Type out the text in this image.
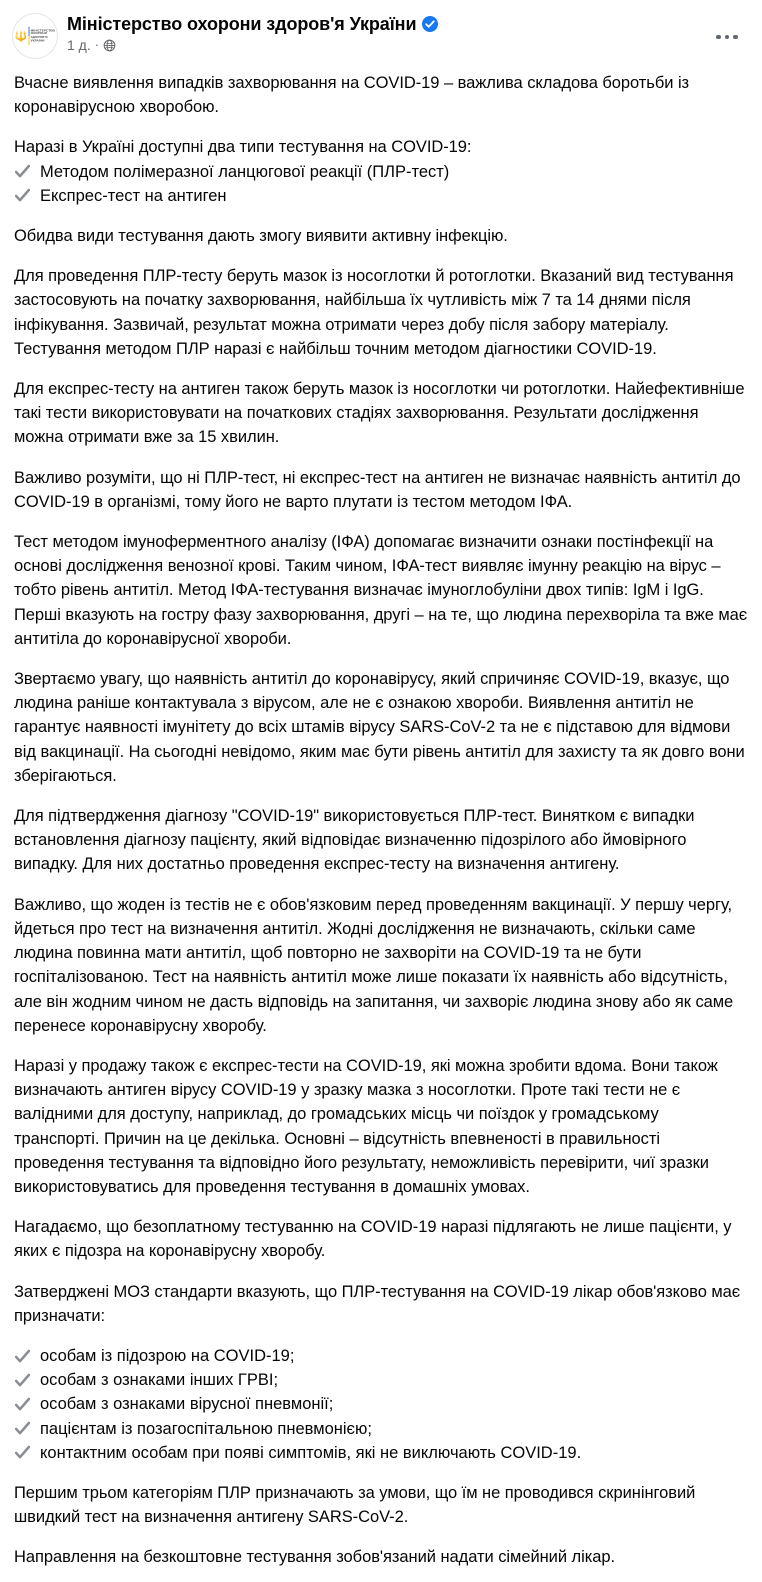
🔱 МІНІСТЕРСТВО
ОХОРОНИ
ЗДОРОВ'Я
УКРАЇНИ
Міністерство охорони здоров'я України
1 д. ·

Вчасне виявлення випадків захворювання на COVID-19 – важлива складова боротьби із коронавірусною хворобою.

Наразі в Україні доступні два типи тестування на COVID-19:

Методом полімеразної ланцюгової реакції (ПЛР-тест)
Експрес-тест на антиген

Обидва види тестування дають змогу виявити активну інфекцію.

Для проведення ПЛР-тесту беруть мазок із носоглотки й ротоглотки. Вказаний вид тестування застосовують на початку захворювання, найбільша їх чутливість між 7 та 14 днями після інфікування. Зазвичай, результат можна отримати через добу після забору матеріалу. Тестування методом ПЛР наразі є найбільш точним методом діагностики COVID-19.

Для експрес-тесту на антиген також беруть мазок із носоглотки чи ротоглотки. Найефективніше такі тести використовувати на початкових стадіях захворювання. Результати дослідження можна отримати вже за 15 хвилин.

Важливо розуміти, що ні ПЛР-тест, ні експрес-тест на антиген не визначає наявність антитіл до COVID-19 в організмі, тому його не варто плутати із тестом методом ІФА.

Тест методом імуноферментного аналізу (ІФА) допомагає визначити ознаки постінфекції на основі дослідження венозної крові. Таким чином, ІФА-тест виявляє імунну реакцію на вірус – тобто рівень антитіл. Метод ІФА-тестування визначає імуноглобуліни двох типів: IgM і IgG. Перші вказують на гостру фазу захворювання, другі – на те, що людина перехворіла та вже має антитіла до коронавірусної хвороби.

Звертаємо увагу, що наявність антитіл до коронавірусу, який спричиняє COVID-19, вказує, що людина раніше контактувала з вірусом, але не є ознакою хвороби. Виявлення антитіл не гарантує наявності імунітету до всіх штамів вірусу SARS-CoV-2 та не є підставою для відмови від вакцинації. На сьогодні невідомо, яким має бути рівень антитіл для захисту та як довго вони зберігаються.

Для підтвердження діагнозу "COVID-19" використовується ПЛР-тест. Винятком є випадки встановлення діагнозу пацієнту, який відповідає визначенню підозрілого або ймовірного випадку. Для них достатньо проведення експрес-тесту на визначення антигену.

Важливо, що жоден із тестів не є обов'язковим перед проведенням вакцинації. У першу чергу, йдеться про тест на визначення антитіл. Жодні дослідження не визначають, скільки саме людина повинна мати антитіл, щоб повторно не захворіти на COVID-19 та не бути госпіталізованою. Тест на наявність антитіл може лише показати їх наявність або відсутність, але він жодним чином не дасть відповідь на запитання, чи захворіє людина знову або як саме перенесе коронавірусну хворобу.

Наразі у продажу також є експрес-тести на COVID-19, які можна зробити вдома. Вони також визначають антиген вірусу COVID-19 у зразку мазка з носоглотки. Проте такі тести не є валідними для доступу, наприклад, до громадських місць чи поїздок у громадському транспорті. Причин на це декілька. Основні – відсутність впевненості в правильності проведення тестування та відповідно його результату, неможливість перевірити, чиї зразки використовуватись для проведення тестування в домашніх умовах.

Нагадаємо, що безоплатному тестуванню на COVID-19 наразі підлягають не лише пацієнти, у яких є підозра на коронавірусну хворобу.

Затверджені МОЗ стандарти вказують, що ПЛР-тестування на COVID-19 лікар обов'язково має призначати:

особам із підозрою на COVID-19;
особам з ознаками інших ГРВІ;
особам з ознаками вірусної пневмонії;
пацієнтам із позагоспітальною пневмонією;
контактним особам при появі симптомів, які не виключають COVID-19.

Першим трьом категоріям ПЛР призначають за умови, що їм не проводився скринінговий швидкий тест на визначення антигену SARS-CoV-2.

Направлення на безкоштовне тестування зобов'язаний надати сімейний лікар.
